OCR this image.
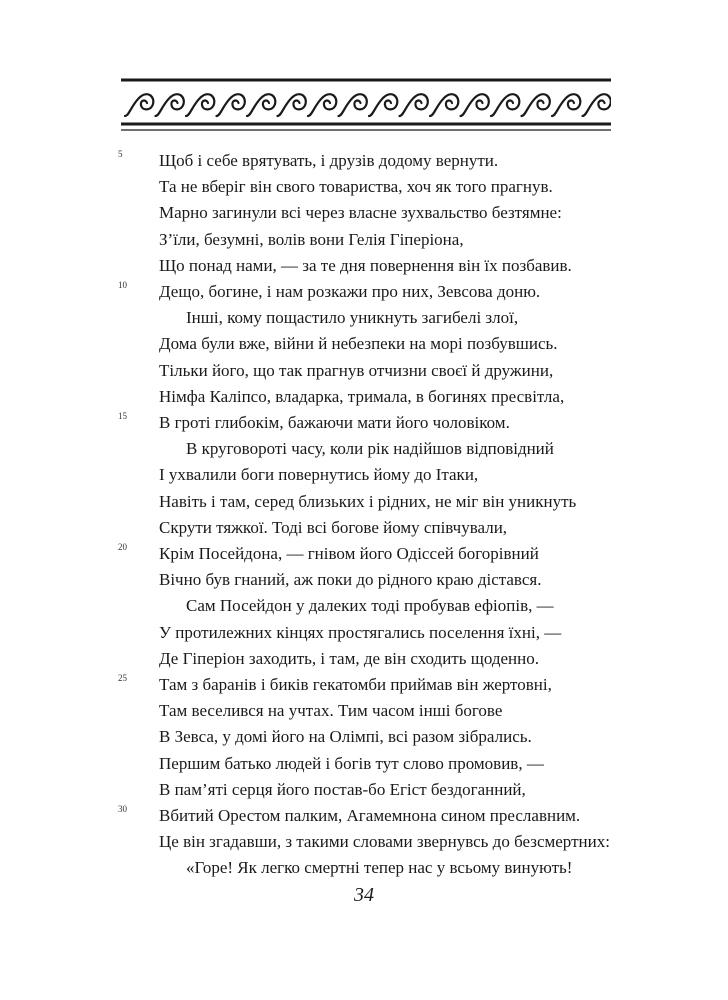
5 Щоб і себе врятувать, і друзів додому вернути.
Та не вберіг він свого товариства, хоч як того прагнув.
Марно загинули всі через власне зухвальство безтямне:
З’їли, безумні, волів вони Гелія Гіперіона,
Що понад нами, — за те дня повернення він їх позбавив.
10 Дещо, богине, і нам розкажи про них, Зевсова доню.
Інші, кому пощастило уникнуть загибелі злої,
Дома були вже, війни й небезпеки на морі позбувшись.
Тільки його, що так прагнув отчизни своєї й дружини,
Німфа Каліпсо, владарка, тримала, в богинях пресвітла,
15 В гроті глибокім, бажаючи мати його чоловіком.
В круговороті часу, коли рік надійшов відповідний
І ухвалили боги повернутись йому до Ітаки,
Навіть і там, серед близьких і рідних, не міг він уникнуть
Скрути тяжкої. Тоді всі богове йому співчували,
20 Крім Посейдона, — гнівом його Одіссей богорівний
Вічно був гнаний, аж поки до рідного краю дістався.
Сам Посейдон у далеких тоді пробував ефіопів, —
У протилежних кінцях простягались поселення їхні, —
Де Гіперіон заходить, і там, де він сходить щоденно.
25 Там з баранів і биків гекатомби приймав він жертовні,
Там веселився на учтах. Тим часом інші богове
В Зевса, у домі його на Олімпі, всі разом зібрались.
Першим батько людей і богів тут слово промовив, —
В пам’яті серця його постав-бо Егіст бездоганний,
30 Вбитий Орестом палким, Агамемнона сином преславним.
Це він згадавши, з такими словами звернувсь до безсмертних:
«Горе! Як легко смертні тепер нас у всьому винують!
34
